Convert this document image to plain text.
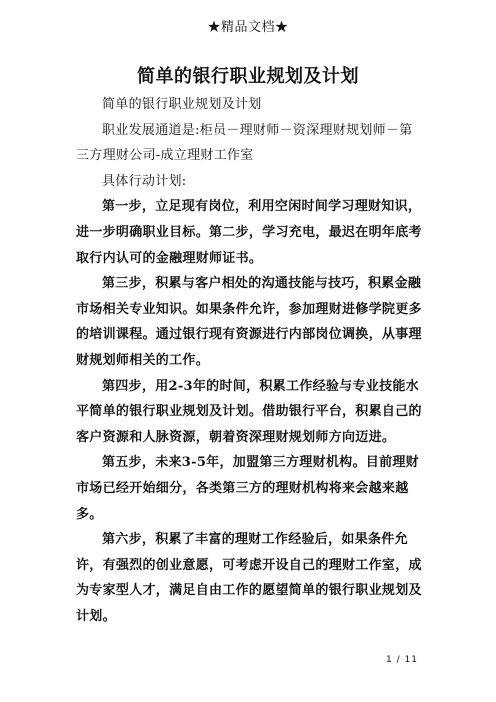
★精品文档★
简单的银行职业规划及计划

简单的银行职业规划及计划

职业发展通道是:柜员－理财师－资深理财规划师－第三方理财公司-成立理财工作室

具体行动计划:

第一步，立足现有岗位，利用空闲时间学习理财知识，进一步明确职业目标。第二步，学习充电，最迟在明年底考取行内认可的金融理财师证书。

第三步，积累与客户相处的沟通技能与技巧，积累金融市场相关专业知识。如果条件允许，参加理财进修学院更多的培训课程。通过银行现有资源进行内部岗位调换，从事理财规划师相关的工作。

第四步，用2-3年的时间，积累工作经验与专业技能水平简单的银行职业规划及计划。借助银行平台，积累自己的客户资源和人脉资源，朝着资深理财规划师方向迈进。

第五步，未来3-5年，加盟第三方理财机构。目前理财市场已经开始细分，各类第三方的理财机构将来会越来越多。

第六步，积累了丰富的理财工作经验后，如果条件允许，有强烈的创业意愿，可考虑开设自己的理财工作室，成为专家型人才，满足自由工作的愿望简单的银行职业规划及计划。

1 / 11
